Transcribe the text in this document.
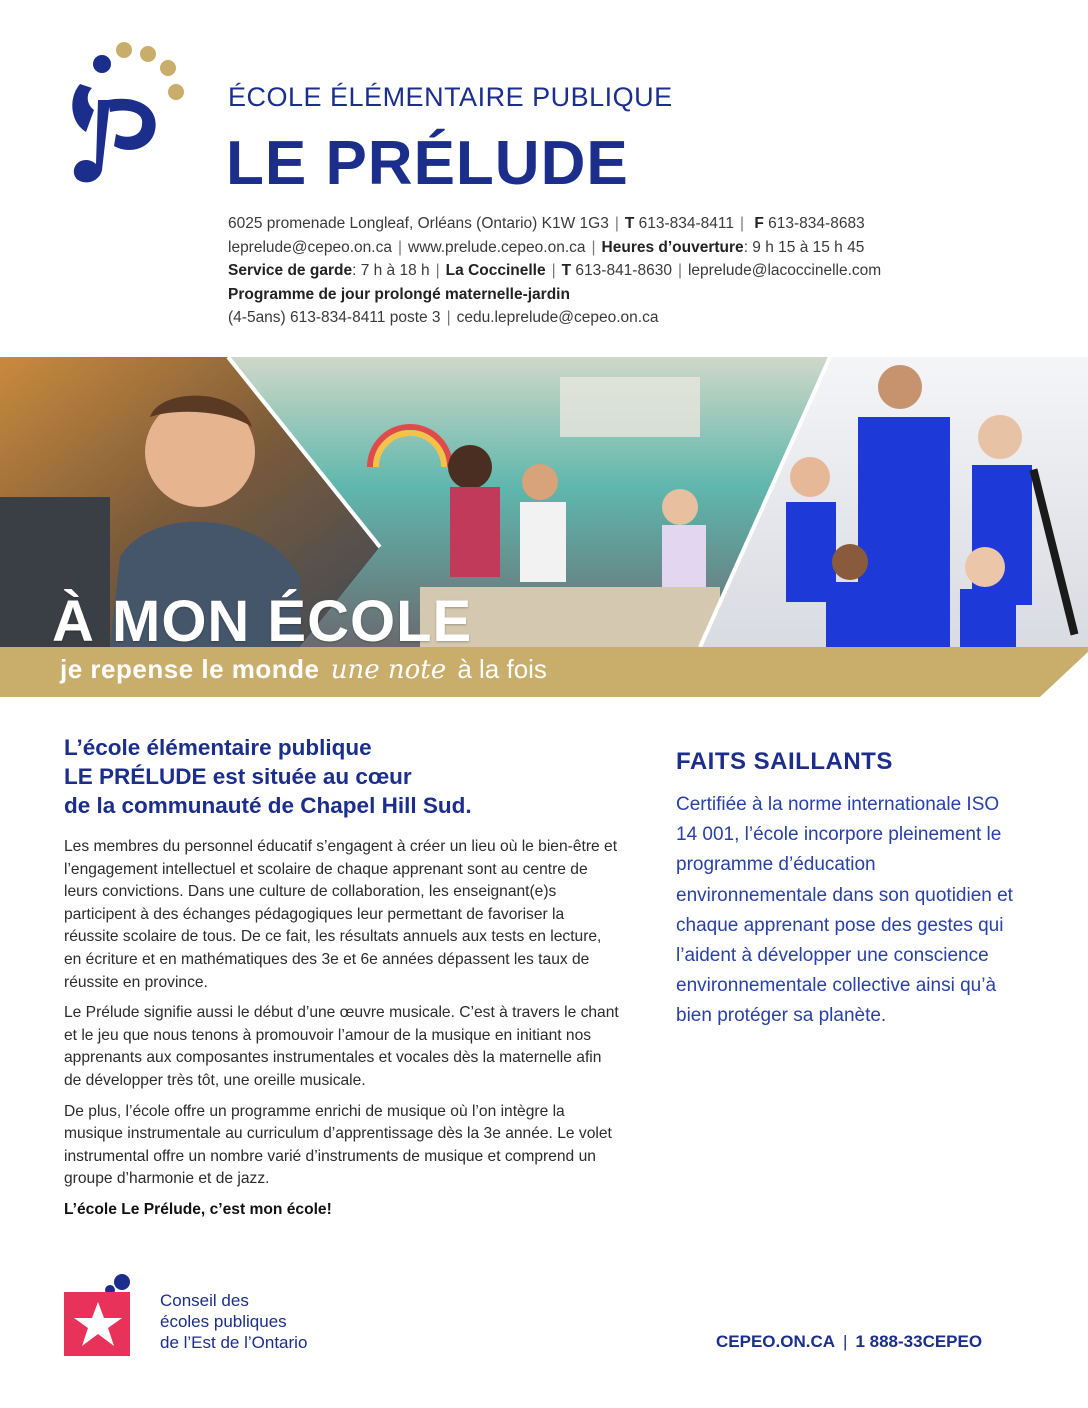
ÉCOLE ÉLÉMENTAIRE PUBLIQUE
LE PRÉLUDE
6025 promenade Longleaf, Orléans (Ontario) K1W 1G3 | T 613-834-8411 | F 613-834-8683
leprelude@cepeo.on.ca | www.prelude.cepeo.on.ca | Heures d’ouverture: 9 h 15 à 15 h 45
Service de garde: 7 h à 18 h | La Coccinelle | T 613-841-8630 | leprelude@lacoccinelle.com
Programme de jour prolongé maternelle-jardin
(4-5ans) 613-834-8411 poste 3 | cedu.leprelude@cepeo.on.ca
À MON ÉCOLE
je repense le monde une note à la fois
L’école élémentaire publique
LE PRÉLUDE est située au cœur
de la communauté de Chapel Hill Sud.

Les membres du personnel éducatif s’engagent à créer un lieu où le bien-être et l’engagement intellectuel et scolaire de chaque apprenant sont au centre de leurs convictions. Dans une culture de collaboration, les enseignant(e)s participent à des échanges pédagogiques leur permettant de favoriser la réussite scolaire de tous. De ce fait, les résultats annuels aux tests en lecture, en écriture et en mathématiques des 3e et 6e années dépassent les taux de réussite en province.

Le Prélude signifie aussi le début d’une œuvre musicale. C’est à travers le chant et le jeu que nous tenons à promouvoir l’amour de la musique en initiant nos apprenants aux composantes instrumentales et vocales dès la maternelle afin de développer très tôt, une oreille musicale.

De plus, l’école offre un programme enrichi de musique où l’on intègre la musique instrumentale au curriculum d’apprentissage dès la 3e année. Le volet instrumental offre un nombre varié d’instruments de musique et comprend un groupe d’harmonie et de jazz.

L’école Le Prélude, c’est mon école!

FAITS SAILLANTS
Certifiée à la norme internationale ISO 14 001, l’école incorpore pleinement le programme d’éducation environnementale dans son quotidien et chaque apprenant pose des gestes qui l’aident à développer une conscience environnementale collective ainsi qu’à bien protéger sa planète.
Conseil des
écoles publiques
de l’Est de l’Ontario	CEPEO.ON.CA | 1 888-33CEPEO
